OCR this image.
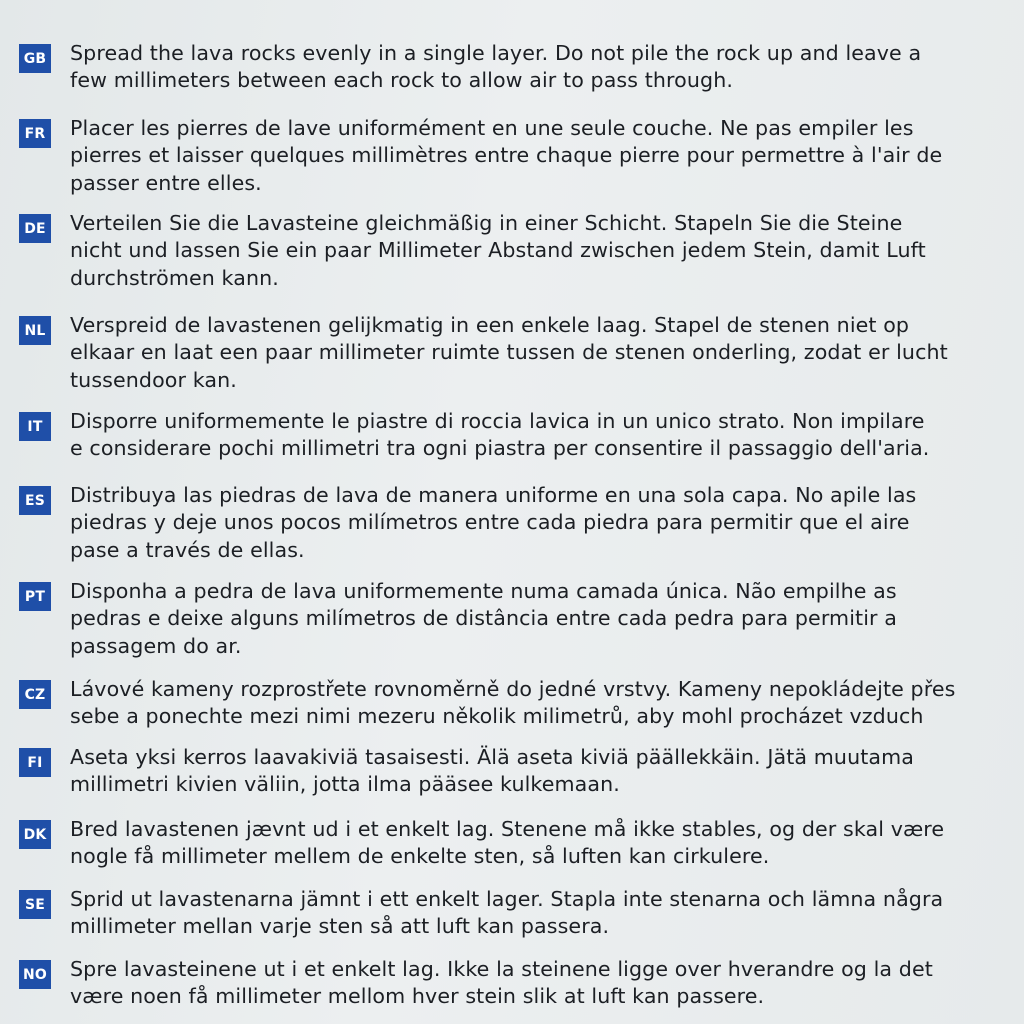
GB Spread the lava rocks evenly in a single layer. Do not pile the rock up and leave a
few millimeters between each rock to allow air to pass through.
FR Placer les pierres de lave uniformément en une seule couche. Ne pas empiler les
pierres et laisser quelques millimètres entre chaque pierre pour permettre à l'air de
passer entre elles.
DE Verteilen Sie die Lavasteine gleichmäßig in einer Schicht. Stapeln Sie die Steine
nicht und lassen Sie ein paar Millimeter Abstand zwischen jedem Stein, damit Luft
durchströmen kann.
NL Verspreid de lavastenen gelijkmatig in een enkele laag. Stapel de stenen niet op
elkaar en laat een paar millimeter ruimte tussen de stenen onderling, zodat er lucht
tussendoor kan.
IT	Disporre uniformemente le piastre di roccia lavica in un unico strato. Non impilare
e considerare pochi millimetri tra ogni piastra per consentire il passaggio dell'aria.
ES Distribuya las piedras de lava de manera uniforme en una sola capa. No apile las
piedras y deje unos pocos milímetros entre cada piedra para permitir que el aire
pase a través de ellas.
PT Disponha a pedra de lava uniformemente numa camada única. Não empilhe as
pedras e deixe alguns milímetros de distância entre cada pedra para permitir a
passagem do ar.
CZ Lávové kameny rozprostřete rovnoměrně do jedné vrstvy. Kameny nepokládejte přes
sebe a ponechte mezi nimi mezeru několik milimetrů, aby mohl procházet vzduch
FI	Aseta yksi kerros laavakiviä tasaisesti. Älä aseta kiviä päällekkäin. Jätä muutama
millimetri kivien väliin, jotta ilma pääsee kulkemaan.
DK Bred lavastenen jævnt ud i et enkelt lag. Stenene må ikke stables, og der skal være
nogle få millimeter mellem de enkelte sten, så luften kan cirkulere.
SE Sprid ut lavastenarna jämnt i ett enkelt lager. Stapla inte stenarna och lämna några
millimeter mellan varje sten så att luft kan passera.
NO Spre lavasteinene ut i et enkelt lag. Ikke la steinene ligge over hverandre og la det
være noen få millimeter mellom hver stein slik at luft kan passere.
